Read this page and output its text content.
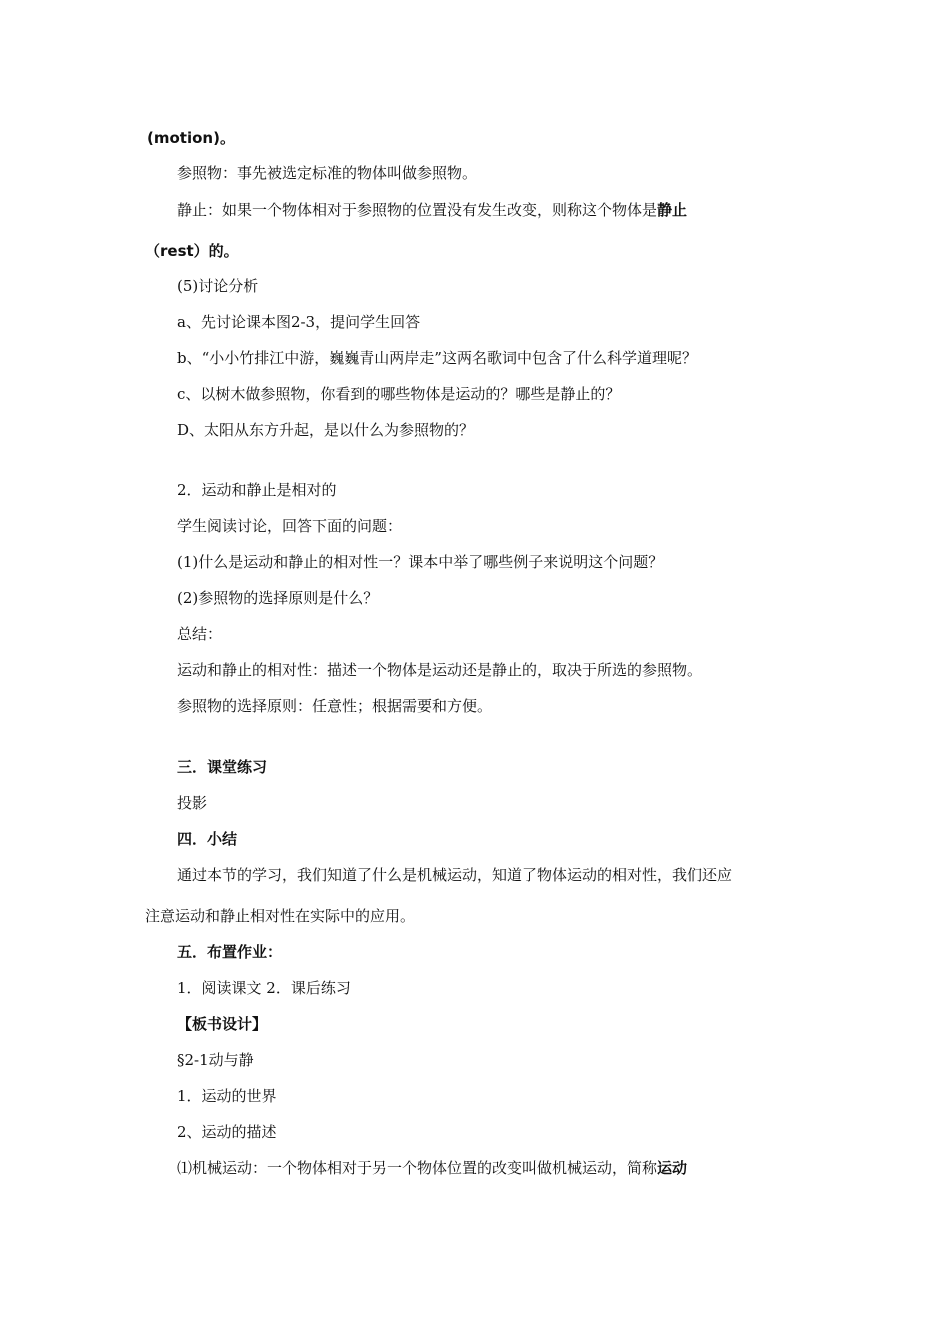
(motion)。
参照物：事先被选定标准的物体叫做参照物。
静止：如果一个物体相对于参照物的位置没有发生改变，则称这个物体是静止
（rest）的。
(5)讨论分析
a、先讨论课本图2-3，提问学生回答
b、“小小竹排江中游，巍巍青山两岸走”这两名歌词中包含了什么科学道理呢？
c、以树木做参照物，你看到的哪些物体是运动的？哪些是静止的？
D、太阳从东方升起，是以什么为参照物的？
2．运动和静止是相对的
学生阅读讨论，回答下面的问题：
(1)什么是运动和静止的相对性一？课本中举了哪些例子来说明这个问题？
(2)参照物的选择原则是什么？
总结：
运动和静止的相对性：描述一个物体是运动还是静止的，取决于所选的参照物。
参照物的选择原则：任意性；根据需要和方便。
三．课堂练习
投影
四．小结
通过本节的学习，我们知道了什么是机械运动，知道了物体运动的相对性，我们还应
注意运动和静止相对性在实际中的应用。
五．布置作业：
1．阅读课文 2．课后练习
【板书设计】
§2-1动与静
1．运动的世界
2、运动的描述
⑴机械运动：一个物体相对于另一个物体位置的改变叫做机械运动，简称运动
